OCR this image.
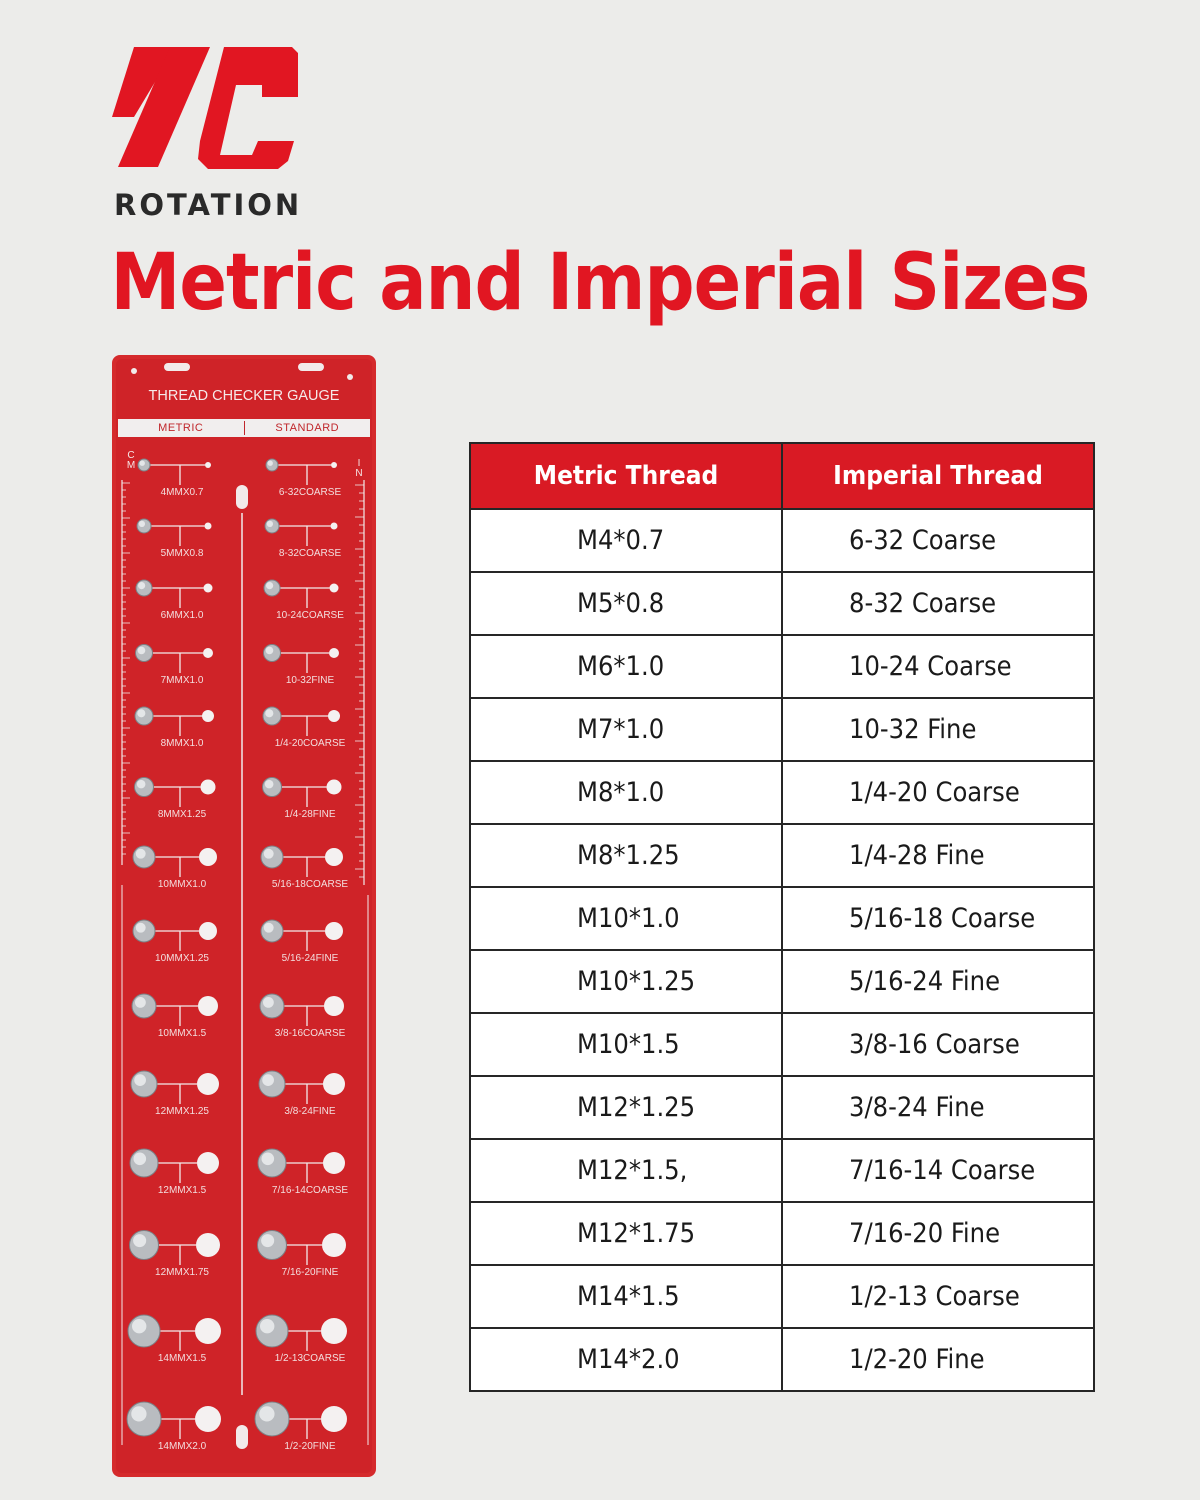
ROTATION
Metric and Imperial Sizes
THREAD CHECKER GAUGE
METRIC	STANDARD
C M	I N
4MMX0.7	6-32COARSE
5MMX0.8	8-32COARSE
6MMX1.0	10-24COARSE
7MMX1.0	10-32FINE
8MMX1.0	1/4-20COARSE
8MMX1.25	1/4-28FINE
10MMX1.0	5/16-18COARSE
10MMX1.25	5/16-24FINE
10MMX1.5	3/8-16COARSE
12MMX1.25	3/8-24FINE
12MMX1.5	7/16-14COARSE
12MMX1.75	7/16-20FINE
14MMX1.5	1/2-13COARSE
14MMX2.0	1/2-20FINE
Metric Thread	Imperial Thread
M4*0.7	6-32 Coarse
M5*0.8	8-32 Coarse
M6*1.0	10-24 Coarse
M7*1.0	10-32 Fine
M8*1.0	1/4-20 Coarse
M8*1.25	1/4-28 Fine
M10*1.0	5/16-18 Coarse
M10*1.25	5/16-24 Fine
M10*1.5	3/8-16 Coarse
M12*1.25	3/8-24 Fine
M12*1.5,	7/16-14 Coarse
M12*1.75	7/16-20 Fine
M14*1.5	1/2-13 Coarse
M14*2.0	1/2-20 Fine
